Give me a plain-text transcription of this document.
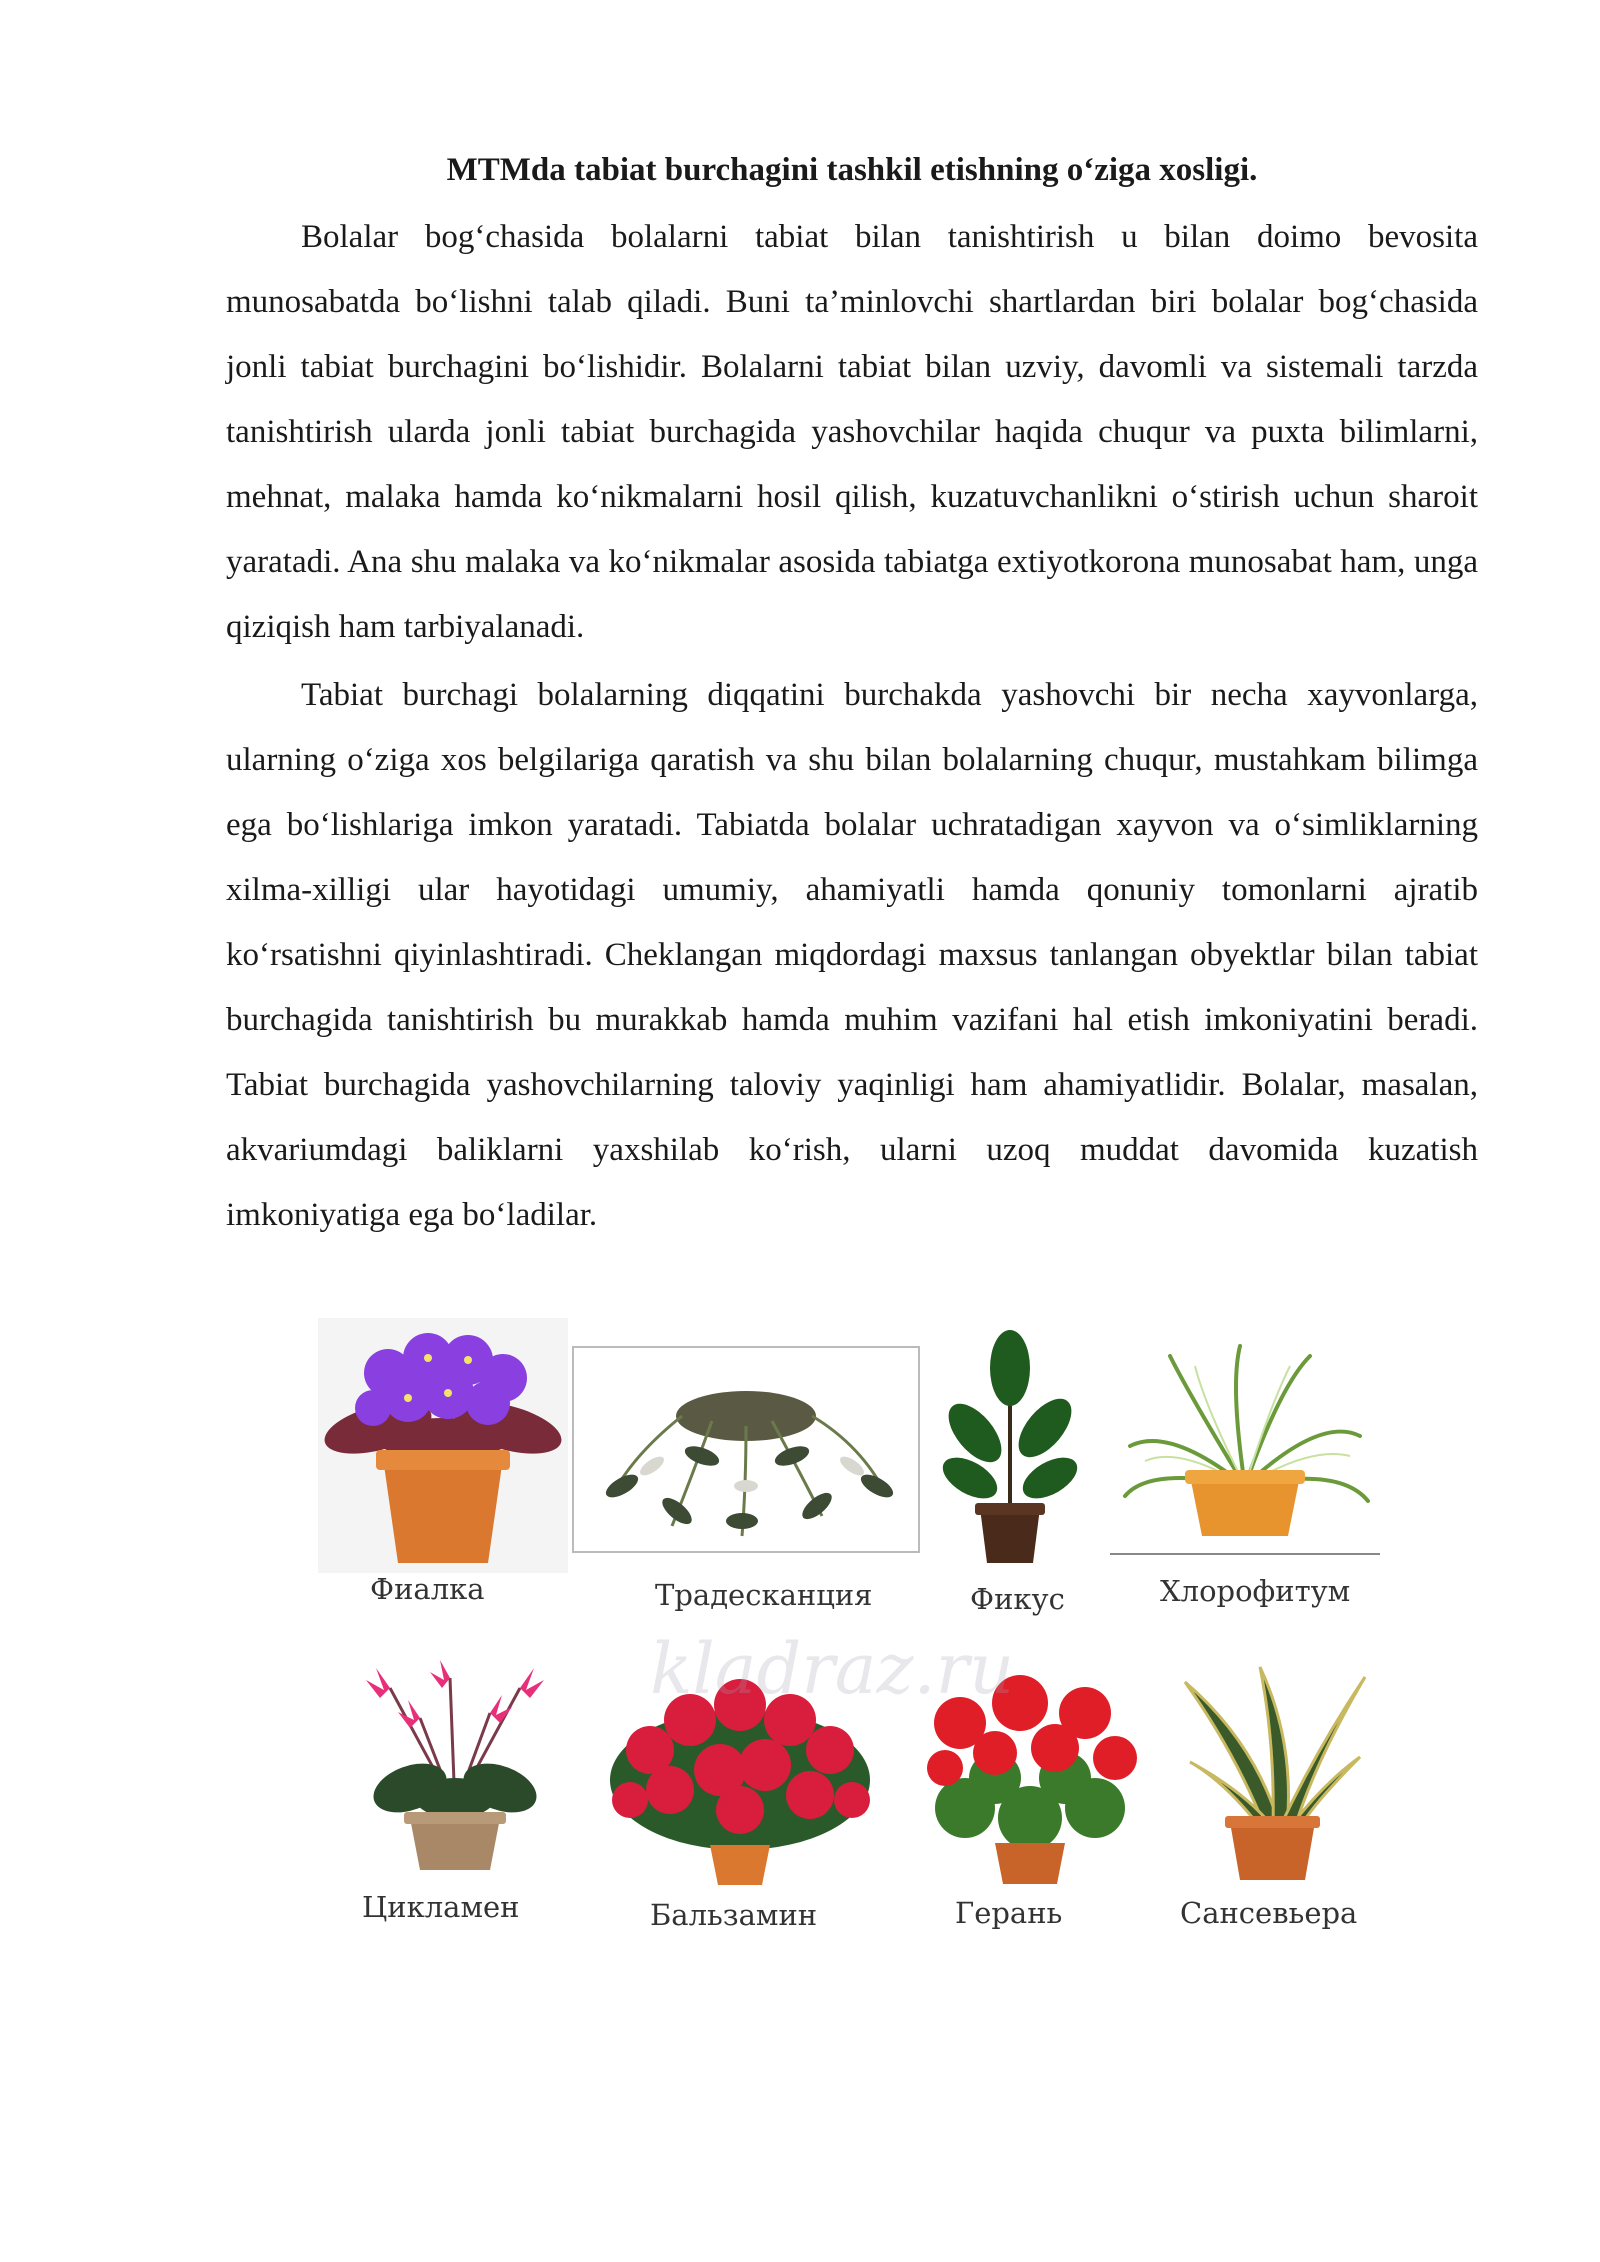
MTMda tabiat burchagini tashkil etishning o‘ziga xosligi.

Bolalar bog‘chasida bolalarni tabiat bilan tanishtirish u bilan doimo bevosita munosabatda bo‘lishni talab qiladi. Buni ta’minlovchi shartlardan biri bolalar bog‘chasida jonli tabiat burchagini bo‘lishidir. Bolalarni tabiat bilan uzviy, davomli va sistemali tarzda tanishtirish ularda jonli tabiat burchagida yashovchilar haqida chuqur va puxta bilimlarni, mehnat, malaka hamda ko‘nikmalarni hosil qilish, kuzatuvchanlikni o‘stirish uchun sharoit yaratadi. Ana shu malaka va ko‘nikmalar asosida tabiatga extiyotkorona munosabat ham, unga qiziqish ham tarbiyalanadi.

Tabiat burchagi bolalarning diqqatini burchakda yashovchi bir necha xayvonlarga, ularning o‘ziga xos belgilariga qaratish va shu bilan bolalarning chuqur, mustahkam bilimga ega bo‘lishlariga imkon yaratadi. Tabiatda bolalar uchratadigan xayvon va o‘simliklarning xilma-xilligi ular hayotidagi umumiy, ahamiyatli hamda qonuniy tomonlarni ajratib ko‘rsatishni qiyinlashtiradi. Cheklangan miqdordagi maxsus tanlangan obyektlar bilan tabiat burchagida tanishtirish bu murakkab hamda muhim vazifani hal etish imkoniyatini beradi. Tabiat burchagida yashovchilarning taloviy yaqinligi ham ahamiyatlidir. Bolalar, masalan, akvariumdagi baliklarni yaxshilab ko‘rish, ularni uzoq muddat davomida kuzatish imkoniyatiga ega bo‘ladilar.

Фиалка	Традесканция	Фикус	Хлорофитум
Цикламен	Бальзамин	Герань	Сансевьера
kladraz.ru
